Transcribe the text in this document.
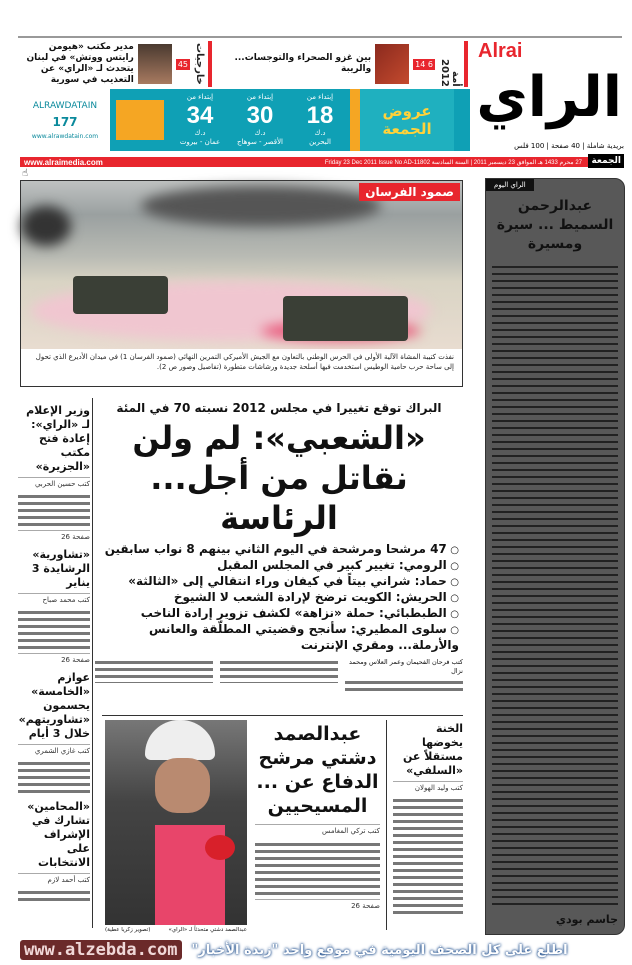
Alrai
الراي
بريدية شاملة | 40 صفحة | 100 فلس
أمة 2012
6 14
بين غزو الصحراء والتوجسات... والريبة
خارجيات
45
مدير مكتب «هيومن رايتس ووتش» في لبنان يتحدث لـ «الراي» عن التعذيب في سورية
ALRAWDATAIN
177
www.alrawdatain.com
إبتداء من
34
د.ك
عمان - بيروت
إبتداء من
30
د.ك
الأقصر - سوهاج
إبتداء من
18
د.ك
البحرين
عروض الجمعة
www.alraimedia.com	27 محرم 1433 هـ الموافق 23 ديسمبر 2011 | السنة السادسة Friday 23 Dec 2011 Issue No AD-11802	الجمعة
☝
صمود الفرسان
نفذت كتيبة المشاة الآلية الأولى في الحرس الوطني بالتعاون مع الجيش الأميركي التمرين النهائي (صمود الفرسان 1) في ميدان الأديرع الذي تحول إلى ساحة حرب حامية الوطيس استخدمت فيها أسلحة جديدة ورشاشات متطورة (تفاصيل وصور ص 2).
الراي اليوم
عبدالرحمن السميط ... سيرة ومسيرة
جاسم بودي
البراك توقع تغييرا في مجلس 2012 نسبته 70 في المئة
«الشعبي»: لم ولن نقاتل من أجل... الرئاسة
○ 47 مرشحا ومرشحة في اليوم الثاني بينهم 8 نواب سابقين
○ الرومي: تغيير كبير في المجلس المقبل
○ حماد: شراني بيتاً في كيفان وراء انتقالي إلى «الثالثة»
○ الحريش: الكويت ترضخ لإرادة الشعب لا الشيوخ
○ الطبطبائي: حملة «نزاهة» لكشف تزوير إرادة الناخب
○ سلوى المطيري: سأنجح وقضيتي المطلّقة والعانس والأرملة... ومقري الإنترنت
كتب فرحان الفحيمان وعمر العلاس ومحمد نزال
وزير الإعلام لـ «الراي»: إعادة فتح مكتب «الجزيرة»
كتب حسين الحربي
صفحة 26
«تشاورية» الرشايدة 3 يناير
كتب محمد صباح
صفحة 26
عوازم «الخامسة» يحسمون «تشاوريتهم» خلال 3 أيام
كتب غازي الشمري
«المحامين» تشارك في الإشراف على الانتخابات
كتب أحمد لازم
عبدالصمد دشتي متحدثاً لـ «الراي»
(تصوير زكريا عطية)
عبدالصمد دشتي مرشح الدفاع عن ... المسيحيين
كتب تركي المغامس
صفحة 26
الخنة يخوضها مستقلاً عن «السلفي»
كتب وليد الهولان
www.alzebda.com	اطلع على كل الصحف اليومية في موقع واحد "زبدة الأخبار"
